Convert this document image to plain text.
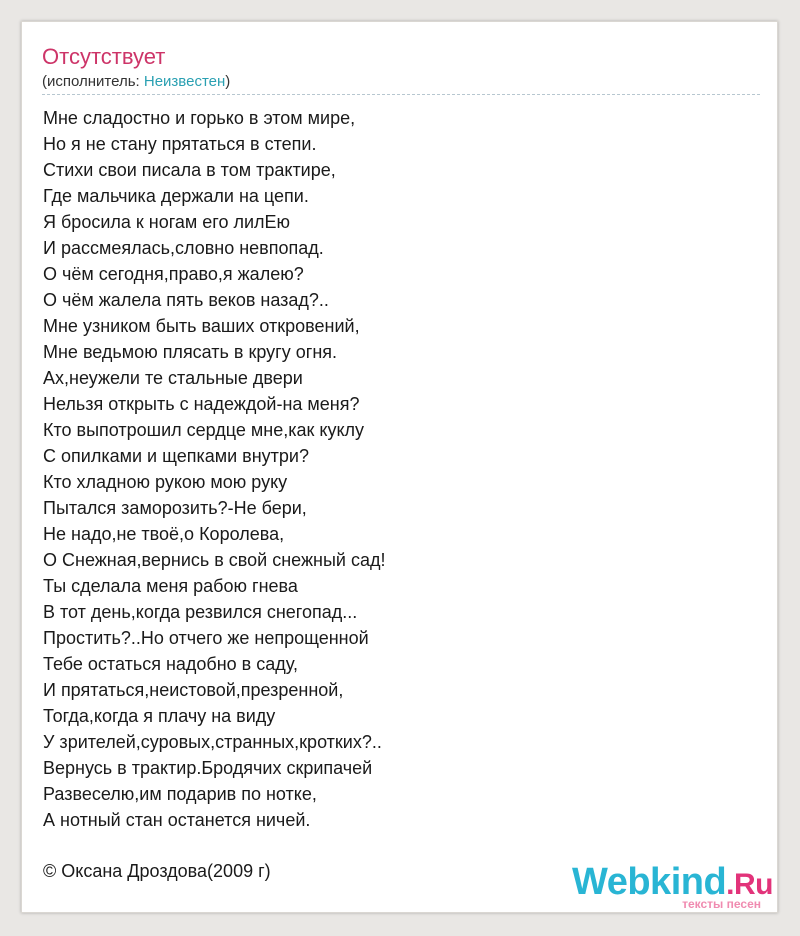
Отсутствует
(исполнитель: Неизвестен)
Мне сладостно и горько в этом мире,
Но я не стану прятаться в степи.
Стихи свои писала в том трактире,
Где мальчика держали на цепи.
Я бросила к ногам его лилЕю
И рассмеялась,словно невпопад.
О чём сегодня,право,я жалею?
О чём жалела пять веков назад?..
Мне узником быть ваших откровений,
Мне ведьмою плясать в кругу огня.
Ах,неужели те стальные двери
Нельзя открыть с надеждой-на меня?
Кто выпотрошил сердце мне,как куклу
С опилками и щепками внутри?
Кто хладною рукою мою руку
Пытался заморозить?-Не бери,
Не надо,не твоё,о Королева,
О Снежная,вернись в свой снежный сад!
Ты сделала меня рабою гнева
В тот день,когда резвился снегопад...
Простить?..Но отчего же непрощенной
Тебе остаться надобно в саду,
И прятаться,неистовой,презренной,
Тогда,когда я плачу на виду
У зрителей,суровых,странных,кротких?..
Вернусь в трактир.Бродячих скрипачей
Развеселю,им подарив по нотке,
А нотный стан останется ничей.
© Оксана Дроздова(2009 г)	Webkind.Ru
тексты песен
